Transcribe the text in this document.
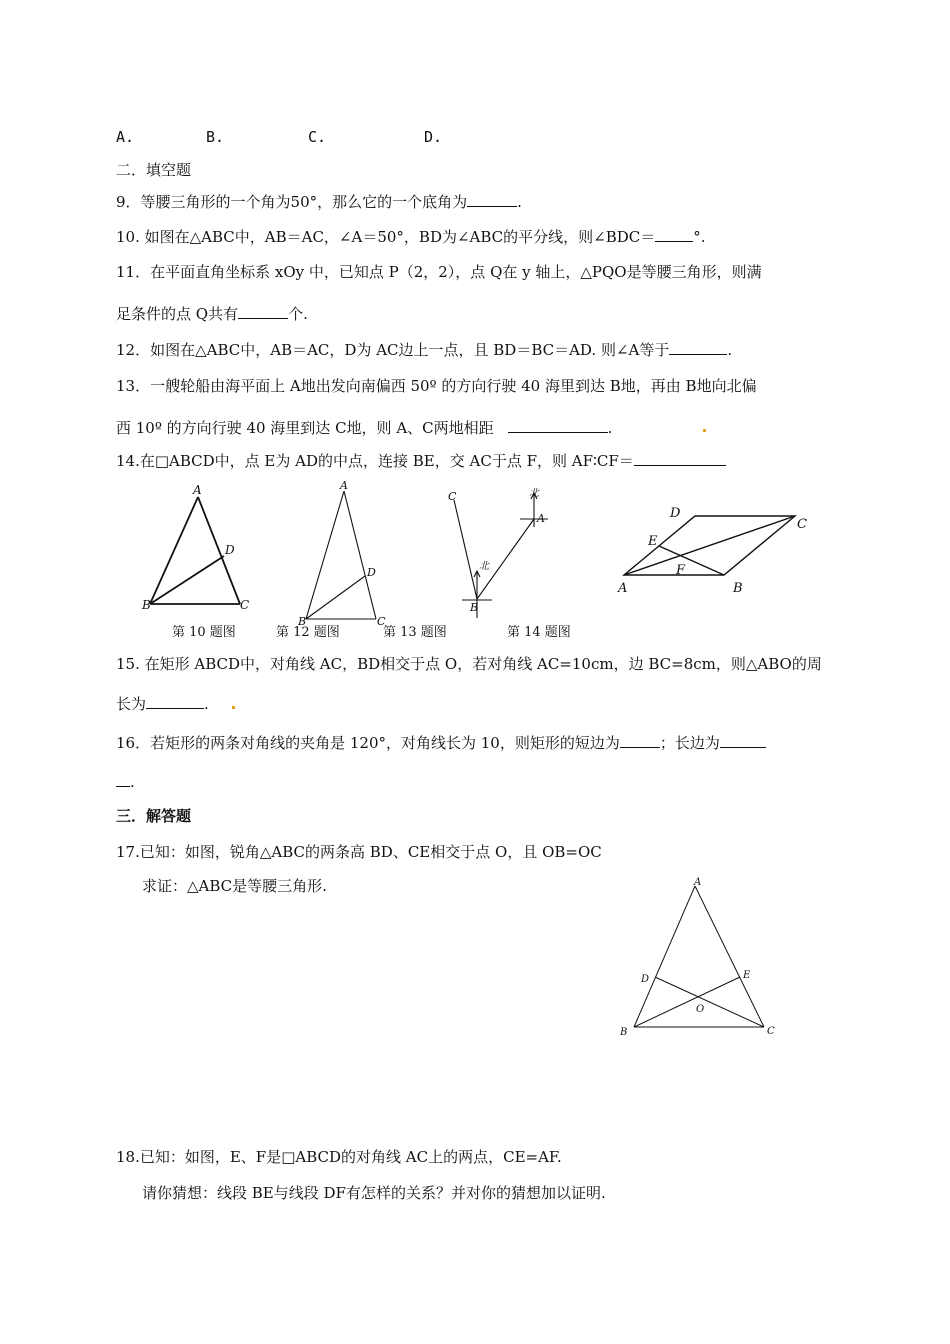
A.	B.	C.	D.
二．填空题
9．等腰三角形的一个角为50°，那么它的一个底角为	.
10. 如图在△ABC中，AB＝AC，∠A＝50°，BD为∠ABC的平分线，则∠BDC＝	°.
11．在平面直角坐标系 xOy 中，已知点 P（2，2），点 Q在 y 轴上，△PQO是等腰三角形，则满
足条件的点 Q共有	个.
12．如图在△ABC中，AB＝AC，D为 AC边上一点，且 BD＝BC＝AD. 则∠A等于	.
13．一艘轮船由海平面上 A地出发向南偏西 50º 的方向行驶 40 海里到达 B地，再由 B地向北偏
西 10º 的方向行驶 40 海里到达 C地，则 A、C两地相距	.
14.在□ABCD中，点 E为 AD的中点，连接 BE，交 AC于点 F，则 AF∶CF＝
A
D
B	C
A
D
B	C
C
A
B
北
北
D
C
E
F
A	B
第 10 题图	第 12 题图	第 13 题图	第 14 题图
15. 在矩形 ABCD中，对角线 AC，BD相交于点 O，若对角线 AC=10cm，边 BC=8cm，则△ABO的周
长为	.
16．若矩形的两条对角线的夹角是 120°，对角线长为 10，则矩形的短边为	；长边为
.
三．解答题
17.已知：如图，锐角△ABC的两条高 BD、CE相交于点 O，且 OB=OC
求证：△ABC是等腰三角形.	A
D	E
O
B	C
18.已知：如图，E、F是□ABCD的对角线 AC上的两点，CE=AF.
请你猜想：线段 BE与线段 DF有怎样的关系？并对你的猜想加以证明.
